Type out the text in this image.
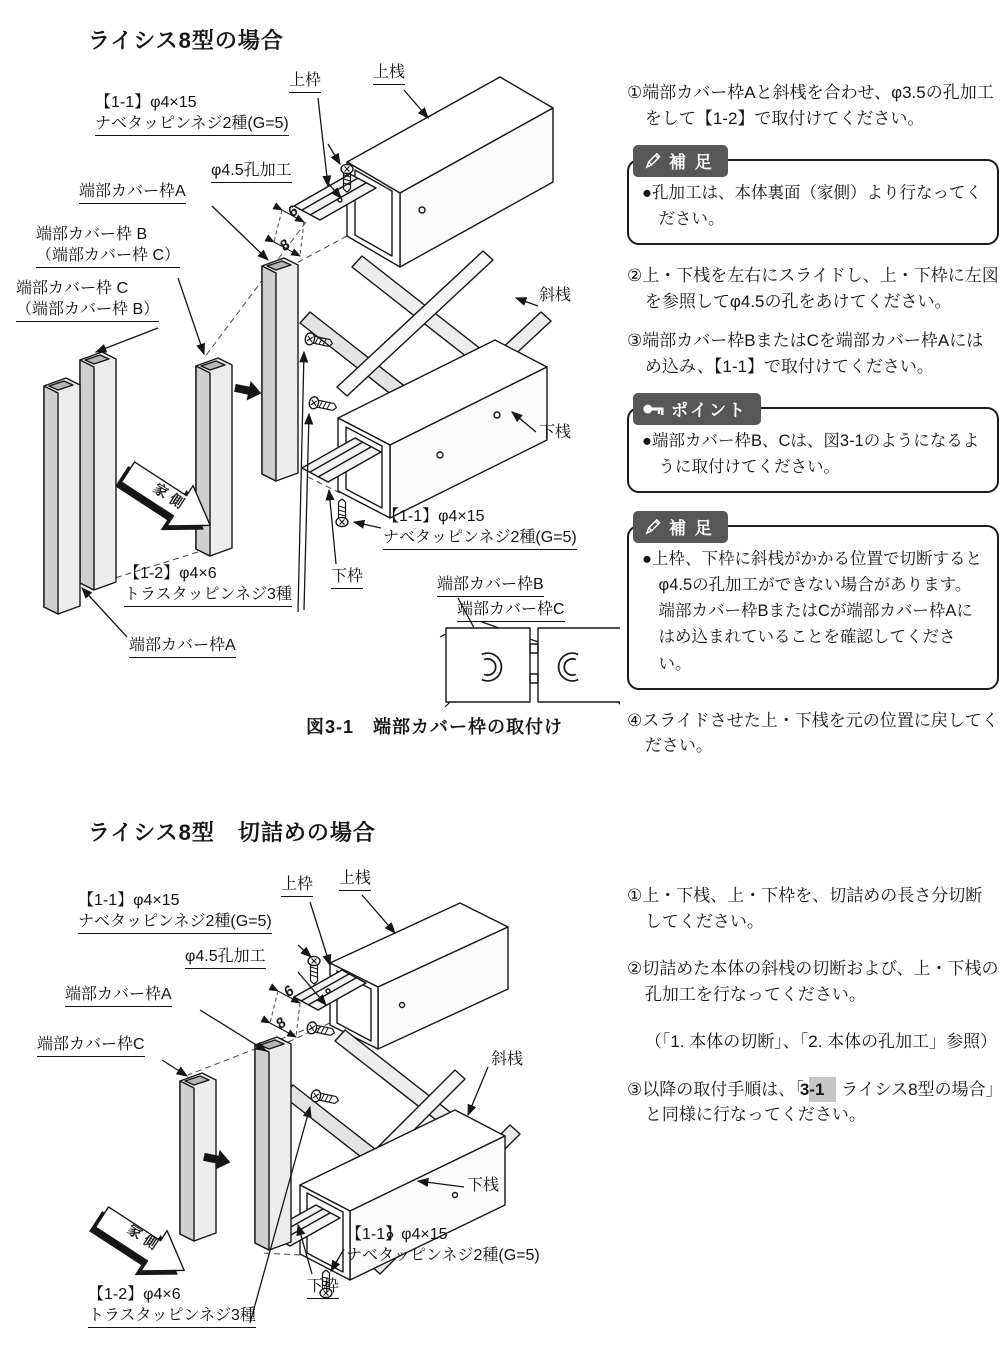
ライシス8型の場合
上枠	上桟
【1-1】φ4×15
ナベタッピンネジ2種(G=5)
φ4.5孔加工
端部カバー枠A
端部カバー枠 B
（端部カバー枠 C）
端部カバー枠 C
（端部カバー枠 B）
斜桟
下桟
【1-1】φ4×15
ナベタッピンネジ2種(G=5)
下枠	端部カバー枠B
端部カバー枠C
【1-2】φ4×6
トラスタッピンネジ3種
端部カバー枠A
6
8
家側
図3-1　端部カバー枠の取付け
①端部カバー枠Aと斜桟を合わせ、φ3.5の孔加工をして【1-2】で取付けてください。
補 足
●孔加工は、本体裏面（家側）より行なってください。
②上・下桟を左右にスライドし、上・下枠に左図を参照してφ4.5の孔をあけてください。
③端部カバー枠BまたはCを端部カバー枠Aにはめ込み、【1-1】で取付けてください。
ポイント
●端部カバー枠B、Cは、図3-1のようになるように取付けてください。
補 足
●上枠、下枠に斜桟がかかる位置で切断するとφ4.5の孔加工ができない場合があります。端部カバー枠BまたはCが端部カバー枠Aにはめ込まれていることを確認してください。
④スライドさせた上・下桟を元の位置に戻してください。
ライシス8型　切詰めの場合
上枠 上桟
【1-1】φ4×15
ナベタッピンネジ2種(G=5)
φ4.5孔加工
端部カバー枠A
端部カバー枠C
斜桟
下桟
【1-1】φ4×15
ナベタッピンネジ2種(G=5)
下枠
【1-2】φ4×6
トラスタッピンネジ3種
6
8
家側
①上・下桟、上・下枠を、切詰めの長さ分切断してください。
②切詰めた本体の斜桟の切断および、上・下桟の孔加工を行なってください。
（「1. 本体の切断」、「2. 本体の孔加工」参照）
③以降の取付手順は、「3-1 ライシス8型の場合」と同様に行なってください。
